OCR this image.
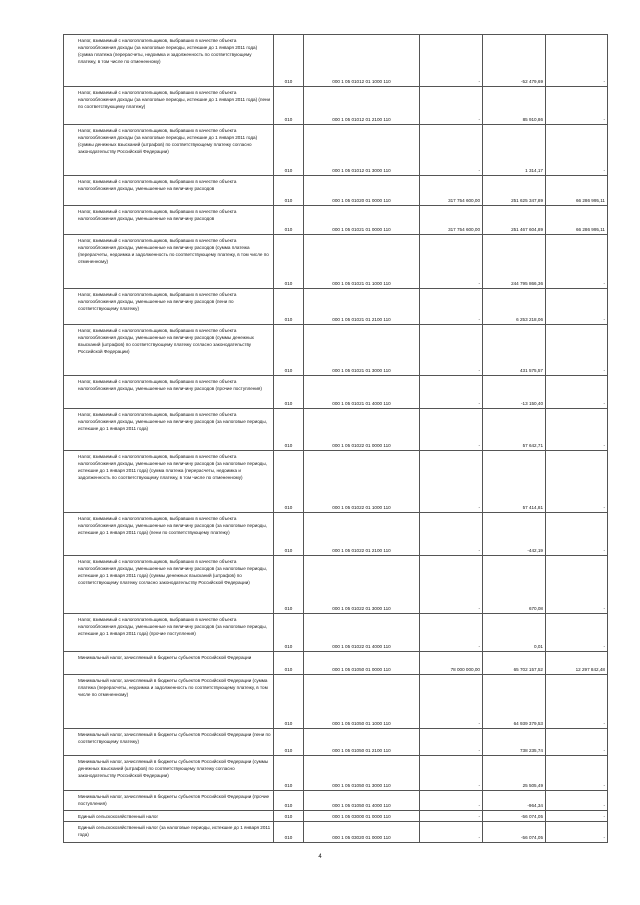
Налог, взимаемый с налогоплательщиков, выбравших в качестве объекта налогообложения доходы (за налоговые периоды, истекшие до 1 января 2011 года) (сумма платежа (перерасчеты, недоимка и задолженность по соответствующему платежу, в том числе по отмененному)	010	000 1 05 01012 01 1000 110	-	-52 479,69	-
Налог, взимаемый с налогоплательщиков, выбравших в качестве объекта налогообложения доходы (за налоговые периоды, истекшие до 1 января 2011 года) (пени по соответствующему платежу)	010	000 1 05 01012 01 2100 110	-	85 910,86	-
Налог, взимаемый с налогоплательщиков, выбравших в качестве объекта налогообложения доходы (за налоговые периоды, истекшие до 1 января 2011 года) (суммы денежных взысканий (штрафов) по соответствующему платежу согласно законодательству Российской Федерации)	010	000 1 05 01012 01 3000 110	-	1 314,17	-
Налог, взимаемый с налогоплательщиков, выбравших в качестве объекта налогообложения доходы, уменьшенные на величину расходов	010	000 1 05 01020 01 0000 110	317 754 600,00	251 625 347,89	66 286 995,11
Налог, взимаемый с налогоплательщиков, выбравших в качестве объекта налогообложения доходы, уменьшенные на величину расходов	010	000 1 05 01021 01 0000 110	317 754 600,00	251 467 604,89	66 286 995,11
Налог, взимаемый с налогоплательщиков, выбравших в качестве объекта налогообложения доходы, уменьшенные на величину расходов (сумма платежа (перерасчеты, недоимка и задолженность по соответствующему платежу, в том числе по отмененному)	010	000 1 05 01021 01 1000 110	-	244 795 866,36	-
Налог, взимаемый с налогоплательщиков, выбравших в качестве объекта налогообложения доходы, уменьшенные на величину расходов (пени по соответствующему платежу)	010	000 1 05 01021 01 2100 110	-	6 253 218,06	-
Налог, взимаемый с налогоплательщиков, выбравших в качестве объекта налогообложения доходы, уменьшенные на величину расходов (суммы денежных взысканий (штрафов) по соответствующему платежу согласно законодательству Российской Федерации)	010	000 1 05 01021 01 3000 110	-	431 575,57	-
Налог, взимаемый с налогоплательщиков, выбравших в качестве объекта налогообложения доходы, уменьшенные на величину расходов (прочие поступления)	010	000 1 05 01021 01 4000 110	-	-13 150,40	-
Налог, взимаемый с налогоплательщиков, выбравших в качестве объекта налогообложения доходы, уменьшенные на величину расходов (за налоговые периоды, истекшие до 1 января 2011 года)	010	000 1 05 01022 01 0000 110	-	57 642,71	-
Налог, взимаемый с налогоплательщиков, выбравших в качестве объекта налогообложения доходы, уменьшенные на величину расходов (за налоговые периоды, истекшие до 1 января 2011 года) (сумма платежа (перерасчеты, недоимка и задолженность по соответствующему платежу, в том числе по отмененному)	010	000 1 05 01022 01 1000 110	-	57 414,81	-
Налог, взимаемый с налогоплательщиков, выбравших в качестве объекта налогообложения доходы, уменьшенные на величину расходов (за налоговые периоды, истекшие до 1 января 2011 года) (пени по соответствующему платежу)	010	000 1 05 01022 01 2100 110	-	-442,19	-
Налог, взимаемый с налогоплательщиков, выбравших в качестве объекта налогообложения доходы, уменьшенные на величину расходов (за налоговые периоды, истекшие до 1 января 2011 года) (суммы денежных взысканий (штрафов) по соответствующему платежу согласно законодательству Российской Федерации)	010	000 1 05 01022 01 3000 110	-	670,08	-
Налог, взимаемый с налогоплательщиков, выбравших в качестве объекта налогообложения доходы, уменьшенные на величину расходов (за налоговые периоды, истекшие до 1 января 2011 года) (прочие поступления)	010	000 1 05 01022 01 4000 110	-	0,01	-
Минимальный налог, зачисляемый в бюджеты субъектов Российской Федерации	010	000 1 05 01050 01 0000 110	78 000 000,00	65 702 157,52	12 297 842,48
Минимальный налог, зачисляемый в бюджеты субъектов Российской Федерации (сумма платежа (перерасчеты, недоимка и задолженность по соответствующему платежу, в том числе по отмененному)	010	000 1 05 01050 01 1000 110	-	64 939 379,53	-
Минимальный налог, зачисляемый в бюджеты субъектов Российской Федерации (пени по соответствующему платежу)	010	000 1 05 01050 01 2100 110	-	738 235,74	-
Минимальный налог, зачисляемый в бюджеты субъектов Российской Федерации (суммы денежных взысканий (штрафов) по соответствующему платежу согласно законодательству Российской Федерации)	010	000 1 05 01050 01 3000 110	-	25 505,49	-
Минимальный налог, зачисляемый в бюджеты субъектов Российской Федерации (прочие поступления)	010	000 1 05 01050 01 4000 110	-	-964,34	-
Единый сельскохозяйственный налог	010	000 1 05 03000 01 0000 110	-	-56 074,05	-
Единый сельскохозяйственный налог (за налоговые периоды, истекшие до 1 января 2011 года)	010	000 1 05 03020 01 0000 110	-	-56 074,05	-
4
